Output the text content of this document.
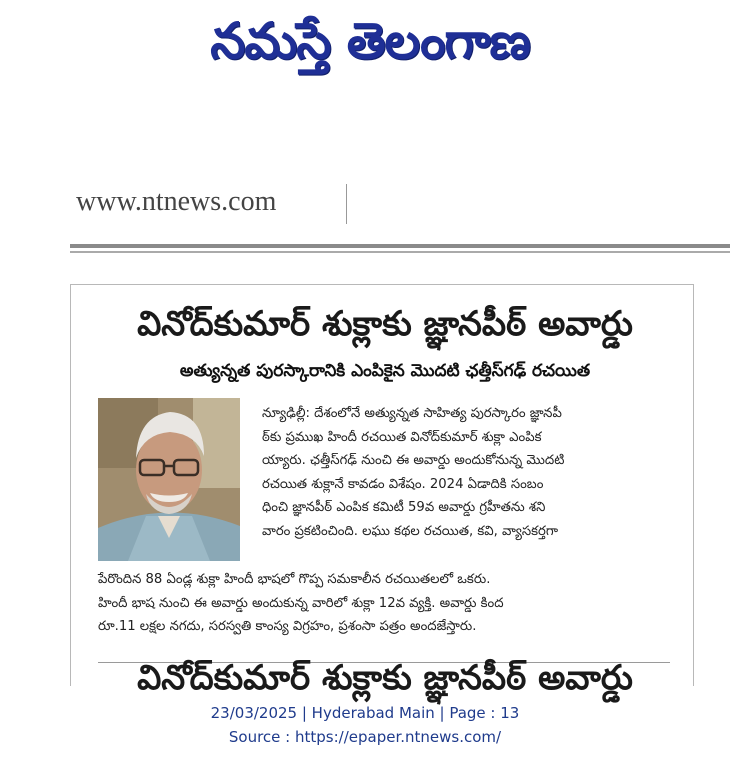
నమస్తే తెలంగాణ
www.ntnews.com
వినోద్‌కుమార్ శుక్లాకు జ్ఞానపీఠ్ అవార్డు
అత్యున్నత పురస్కారానికి ఎంపికైన మొదటి ఛత్తీస్‌గఢ్ రచయిత
న్యూఢిల్లీ: దేశంలోనే అత్యున్నత సాహిత్య పురస్కారం జ్ఞానపీ
ఠ్‌కు ప్రముఖ హిందీ రచయిత వినోద్‌కుమార్ శుక్లా ఎంపిక
య్యారు. ఛత్తీస్‌గఢ్ నుంచి ఈ అవార్డు అందుకోనున్న మొదటి
రచయిత శుక్లానే కావడం విశేషం. 2024 ఏడాదికి సంబం
ధించి జ్ఞానపీఠ్ ఎంపిక కమిటీ 59వ అవార్డు గ్రహీతను శని
వారం ప్రకటించింది. లఘు కథల రచయిత, కవి, వ్యాసకర్తగా
పేరొందిన 88 ఏండ్ల శుక్లా హిందీ భాషలో గొప్ప సమకాలీన రచయితలలో ఒకరు.
హిందీ భాష నుంచి ఈ అవార్డు అందుకున్న వారిలో శుక్లా 12వ వ్యక్తి. అవార్డు కింద
రూ.11 లక్షల నగదు, సరస్వతి కాంస్య విగ్రహం, ప్రశంసా పత్రం అందజేస్తారు.
వినోద్‌కుమార్ శుక్లాకు జ్ఞానపీఠ్ అవార్డు
23/03/2025 | Hyderabad Main | Page : 13
Source : https://epaper.ntnews.com/
